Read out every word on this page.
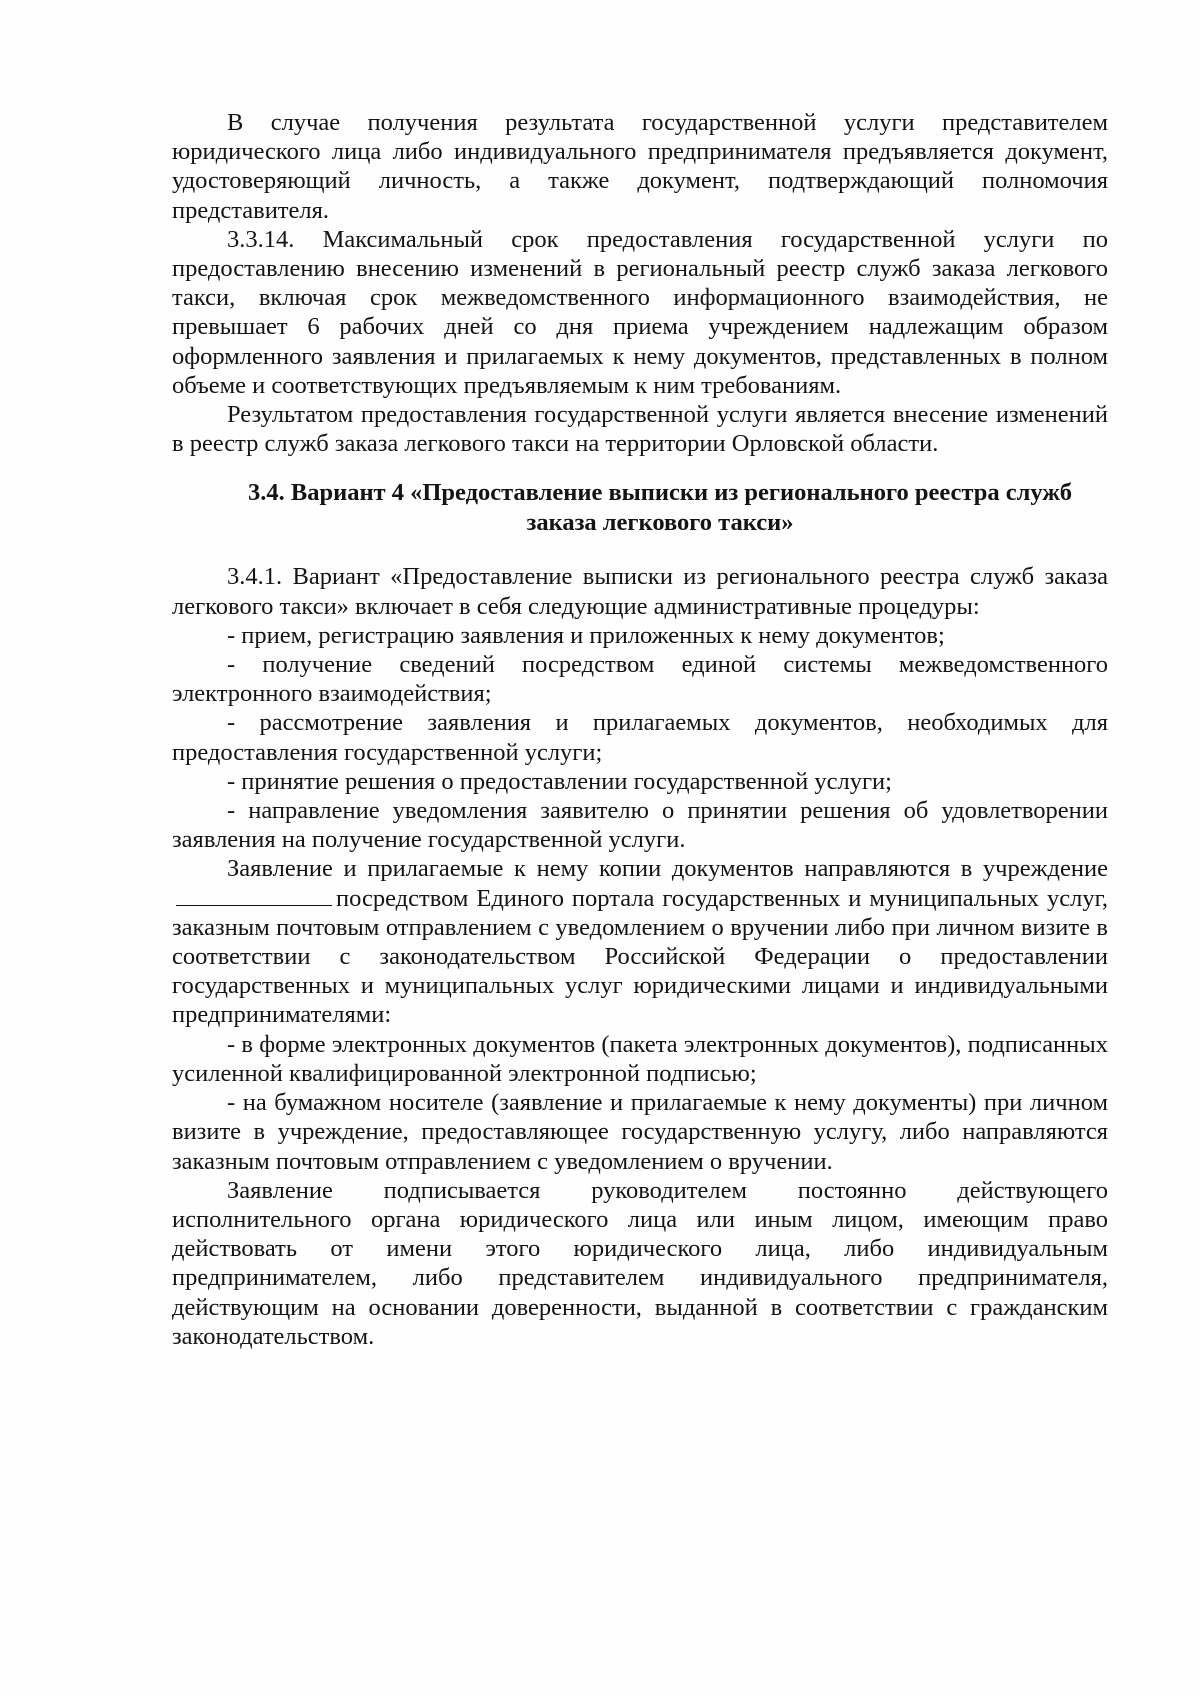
В случае получения результата государственной услуги представителем юридического лица либо индивидуального предпринимателя предъявляется документ, удостоверяющий личность, а также документ, подтверждающий полномочия представителя.

3.3.14. Максимальный срок предоставления государственной услуги по предоставлению внесению изменений в региональный реестр служб заказа легкового такси, включая срок межведомственного информационного взаимодействия, не превышает 6 рабочих дней со дня приема учреждением надлежащим образом оформленного заявления и прилагаемых к нему документов, представленных в полном объеме и соответствующих предъявляемым к ним требованиям.

Результатом предоставления государственной услуги является внесение изменений в реестр служб заказа легкового такси на территории Орловской области.

3.4. Вариант 4 «Предоставление выписки из регионального реестра служб
заказа легкового такси»

3.4.1. Вариант «Предоставление выписки из регионального реестра служб заказа легкового такси» включает в себя следующие административные процедуры:

- прием, регистрацию заявления и приложенных к нему документов;

- получение сведений посредством единой системы межведомственного электронного взаимодействия;

- рассмотрение заявления и прилагаемых документов, необходимых для предоставления государственной услуги;

- принятие решения о предоставлении государственной услуги;

- направление уведомления заявителю о принятии решения об удовлетворении заявления на получение государственной услуги.

Заявление и прилагаемые к нему копии документов направляются в учреждениепосредством Единого портала государственных и муниципальных услуг, заказным почтовым отправлением с уведомлением о вручении либо при личном визите в соответствии с законодательством Российской Федерации о предоставлении государственных и муниципальных услуг юридическими лицами и индивидуальными предпринимателями:

- в форме электронных документов (пакета электронных документов), подписанных усиленной квалифицированной электронной подписью;

- на бумажном носителе (заявление и прилагаемые к нему документы) при личном визите в учреждение, предоставляющее государственную услугу, либо направляются заказным почтовым отправлением с уведомлением о вручении.

Заявление подписывается руководителем постоянно действующего исполнительного органа юридического лица или иным лицом, имеющим право действовать от имени этого юридического лица, либо индивидуальным предпринимателем, либо представителем индивидуального предпринимателя, действующим на основании доверенности, выданной в соответствии с гражданским законодательством.
